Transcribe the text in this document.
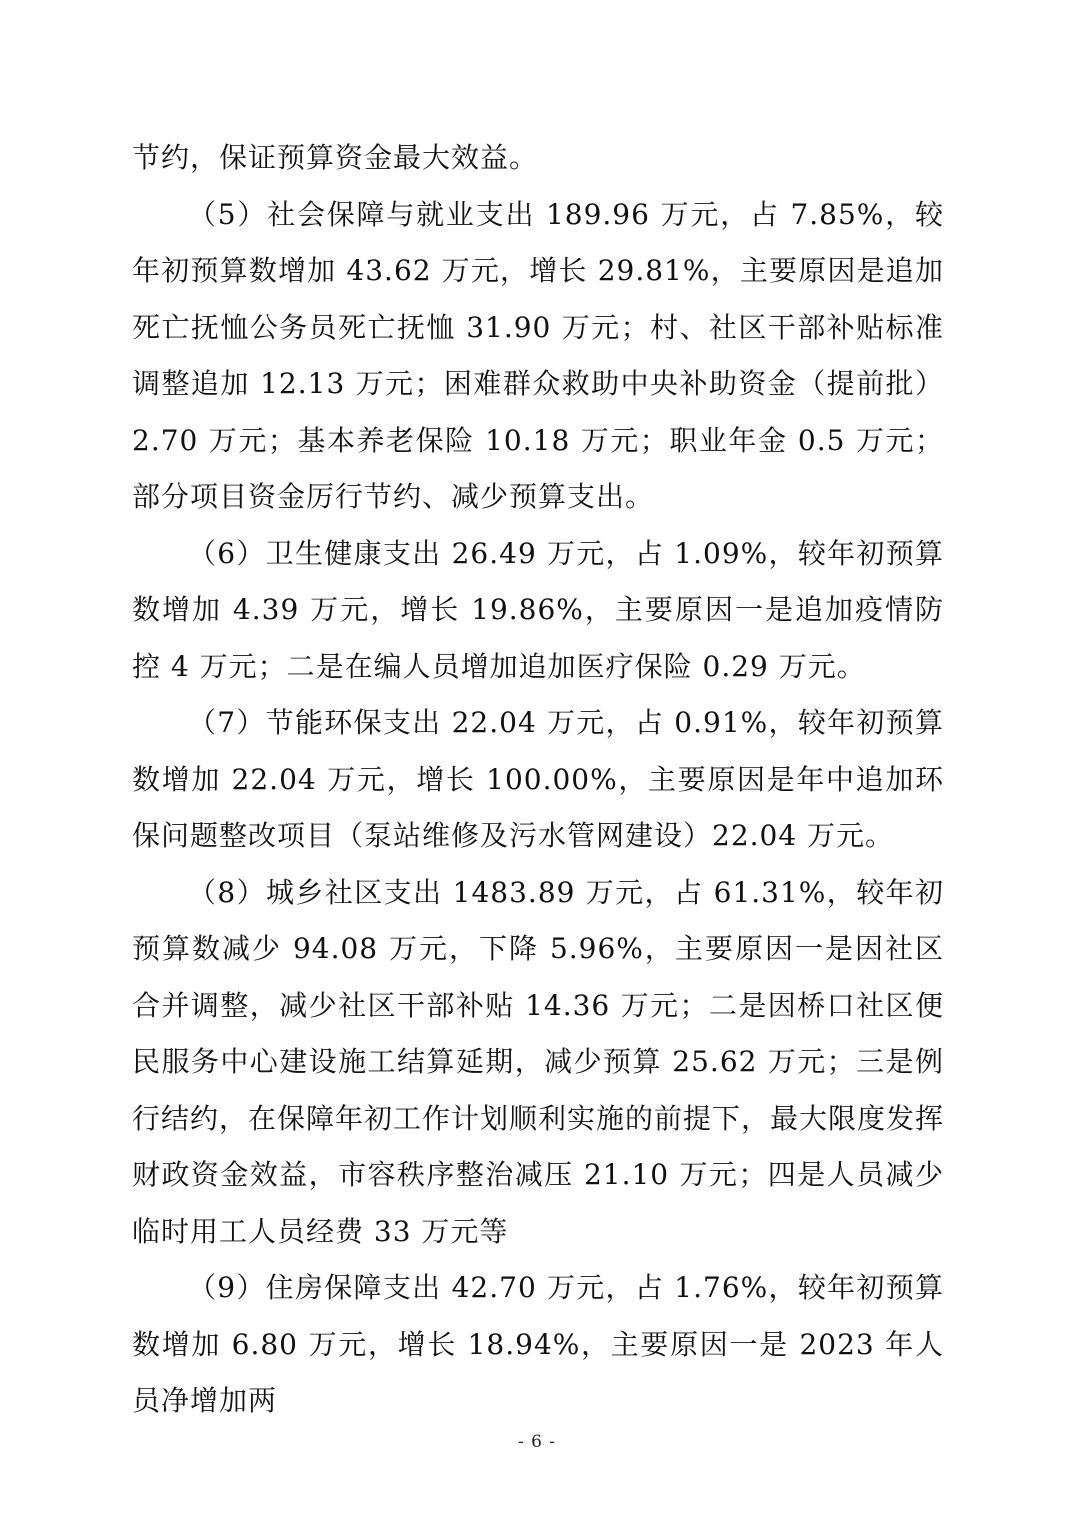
节约，保证预算资金最大效益。

（5）社会保障与就业支出 189.96 万元，占 7.85%，较年初预算数增加 43.62 万元，增长 29.81%，主要原因是追加死亡抚恤公务员死亡抚恤 31.90 万元；村、社区干部补贴标准调整追加 12.13 万元；困难群众救助中央补助资金（提前批）2.70 万元；基本养老保险 10.18 万元；职业年金 0.5 万元；部分项目资金厉行节约、减少预算支出。

（6）卫生健康支出 26.49 万元，占 1.09%，较年初预算数增加 4.39 万元，增长 19.86%，主要原因一是追加疫情防控 4 万元；二是在编人员增加追加医疗保险 0.29 万元。

（7）节能环保支出 22.04 万元，占 0.91%，较年初预算数增加 22.04 万元，增长 100.00%，主要原因是年中追加环保问题整改项目（泵站维修及污水管网建设）22.04 万元。

（8）城乡社区支出 1483.89 万元，占 61.31%，较年初预算数减少 94.08 万元，下降 5.96%，主要原因一是因社区合并调整，减少社区干部补贴 14.36 万元；二是因桥口社区便民服务中心建设施工结算延期，减少预算 25.62 万元；三是例行结约，在保障年初工作计划顺利实施的前提下，最大限度发挥财政资金效益，市容秩序整治减压 21.10 万元；四是人员减少临时用工人员经费 33 万元等

（9）住房保障支出 42.70 万元，占 1.76%，较年初预算数增加 6.80 万元，增长 18.94%，主要原因一是 2023 年人员净增加两

- 6 -
